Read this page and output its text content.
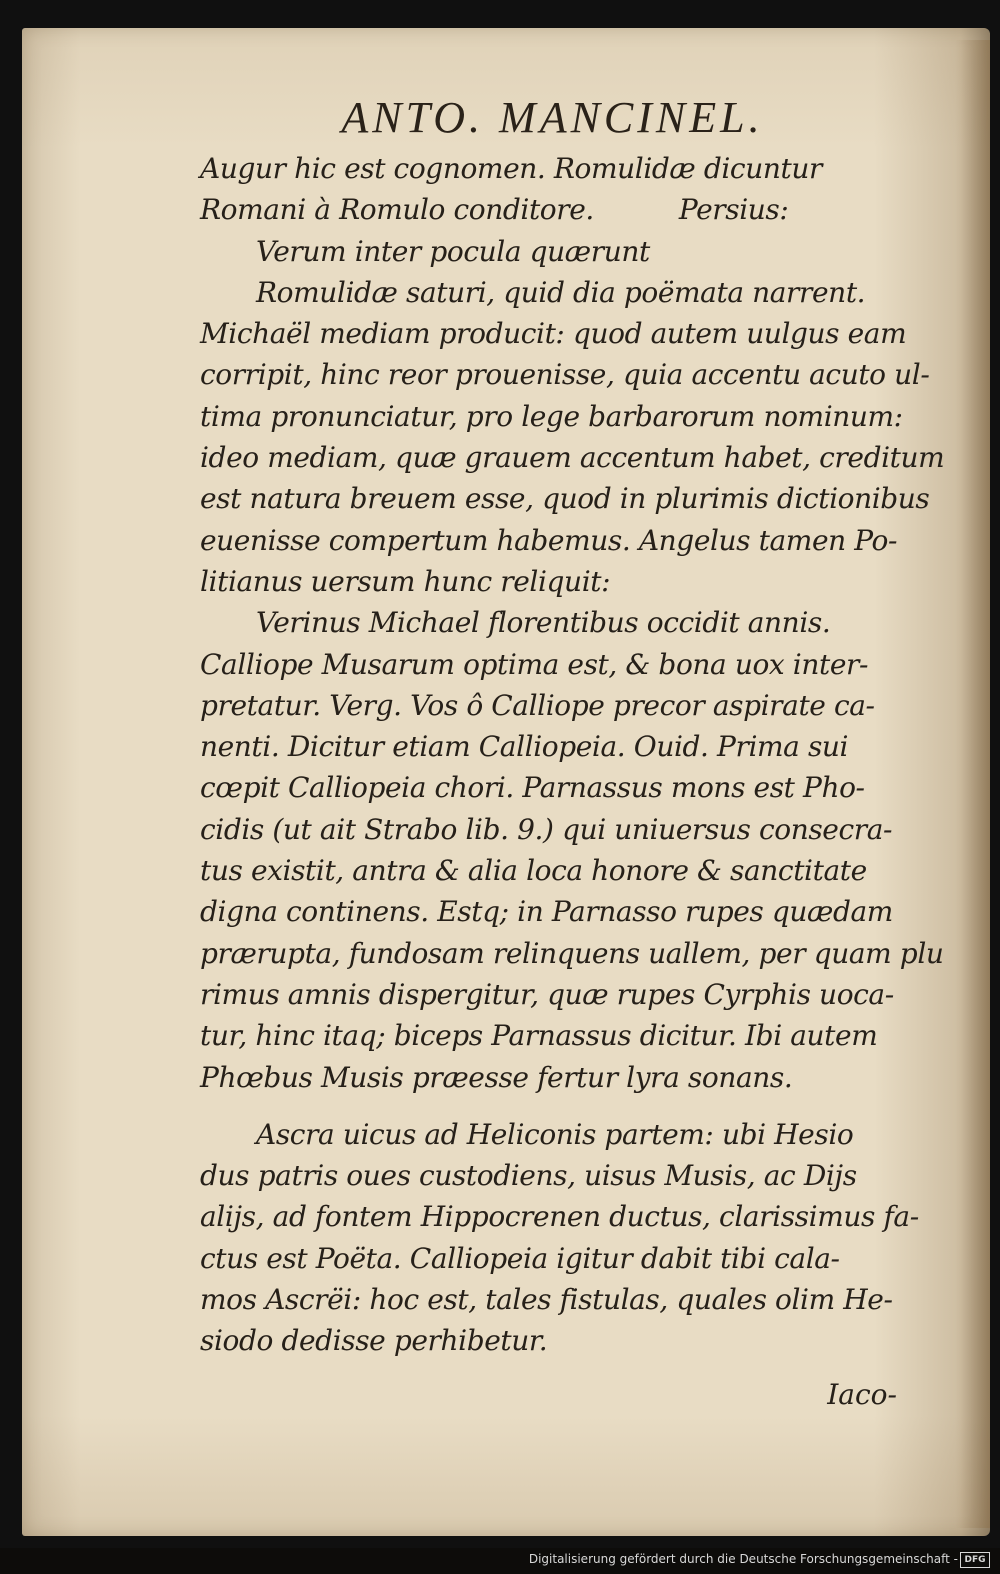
ANTO. MANCINEL.
Augur hic est cognomen. Romulidæ dicuntur
Romani à Romulo conditore.          Persius:
Verum inter pocula quærunt
Romulidæ saturi, quid dia poëmata narrent.
Michaël mediam producit: quod autem uulgus eam
corripit, hinc reor prouenisse, quia accentu acuto ul-
tima pronunciatur, pro lege barbarorum nominum:
ideo mediam, quæ grauem accentum habet, creditum
est natura breuem esse, quod in plurimis dictionibus
euenisse compertum habemus. Angelus tamen Po-
litianus uersum hunc reliquit:
Verinus Michael florentibus occidit annis.
Calliope Musarum optima est, & bona uox inter-
pretatur. Verg. Vos ô Calliope precor aspirate ca-
nenti. Dicitur etiam Calliopeia. Ouid. Prima sui
cœpit Calliopeia chori. Parnassus mons est Pho-
cidis (ut ait Strabo lib. 9.) qui uniuersus consecra-
tus existit, antra & alia loca honore & sanctitate
digna continens. Estq; in Parnasso rupes quædam
prærupta, fundosam relinquens uallem, per quam plu
rimus amnis dispergitur, quæ rupes Cyrphis uoca-
tur, hinc itaq; biceps Parnassus dicitur. Ibi autem
Phœbus Musis præesse fertur lyra sonans.
Ascra uicus ad Heliconis partem: ubi Hesio
dus patris oues custodiens, uisus Musis, ac Dijs
alijs, ad fontem Hippocrenen ductus, clarissimus fa-
ctus est Poëta. Calliopeia igitur dabit tibi cala-
mos Ascrëi: hoc est, tales fistulas, quales olim He-
siodo dedisse perhibetur.
Iaco-
Digitalisierung gefördert durch die Deutsche Forschungsgemeinschaft - DFG
